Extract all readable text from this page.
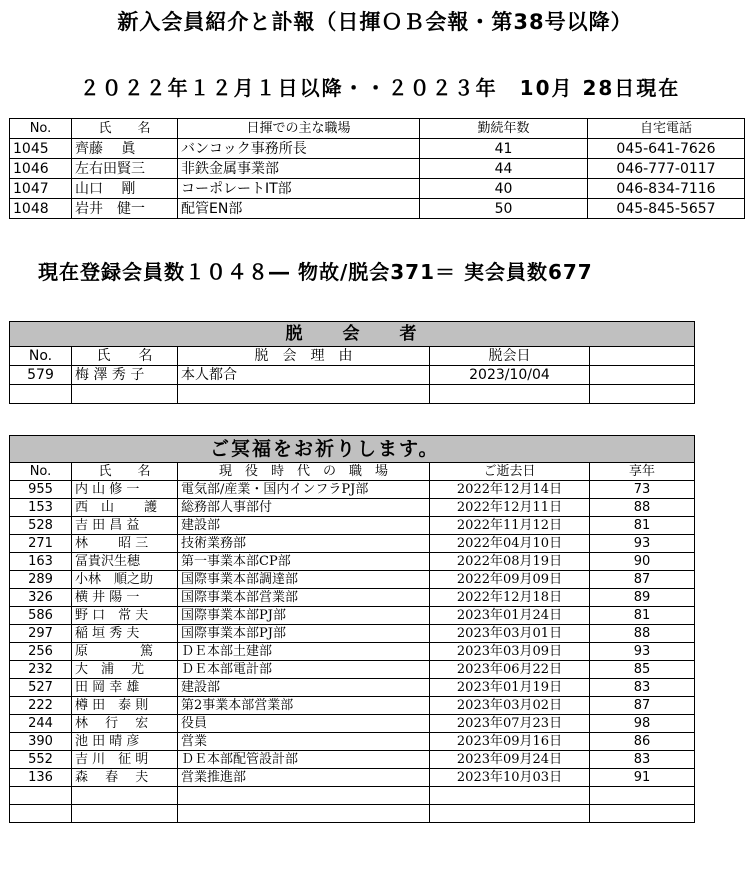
新入会員紹介と訃報（日揮ＯＢ会報・第38号以降）
２０２２年１２月１日以降・・２０２３年　10月 28日現在
No.	氏　　名	日揮での主な職場	勤続年数	自宅電話
1045	齊藤　 眞	バンコック事務所長	41	045-641-7626
1046	左右田賢三	非鉄金属事業部	44	046-777-0117
1047	山口　 剛	コーポレートIT部	40	046-834-7116
1048	岩井　健一	配管EN部	50	045-845-5657
現在登録会員数１０４８― 物故/脱会371＝ 実会員数677
脱　　会　　者				
No.	氏　　名	脱　会　理　由	脱会日	
579	梅 澤 秀 子	本人都合	2023/10/04	

ご冥福をお祈りします。				
No.	氏　　名	現　役　時　代　の　職　場	ご逝去日	享年
955	内 山 修 一	電気部/産業・国内インフラPJ部	2022年12月14日	73
153	西　山　　 護	総務部人事部付	2022年12月11日	88
528	吉 田 昌 益	建設部	2022年11月12日	81
271	林　　 昭 三	技術業務部	2022年04月10日	93
163	冨貴沢生穂	第一事業本部CP部	2022年08月19日	90
289	小林　順之助	国際事業本部調達部	2022年09月09日	87
326	横 井 陽 一	国際事業本部営業部	2022年12月18日	89
586	野 口　常 夫	国際事業本部PJ部	2023年01月24日	81
297	稲 垣 秀 夫	国際事業本部PJ部	2023年03月01日	88
256	原　　　　篤	ＤＥ本部土建部	2023年03月09日	93
232	大　浦　 尤	ＤＥ本部電計部	2023年06月22日	85
527	田 岡 幸 雄	建設部	2023年01月19日	83
222	樽 田　泰 則	第2事業本部営業部	2023年03月02日	87
244	林　 行　 宏	役員	2023年07月23日	98
390	池 田 晴 彦	営業	2023年09月16日	86
552	吉 川　征 明	ＤＥ本部配管設計部	2023年09月24日	83
136	森　 春　 夫	営業推進部	2023年10月03日	91
